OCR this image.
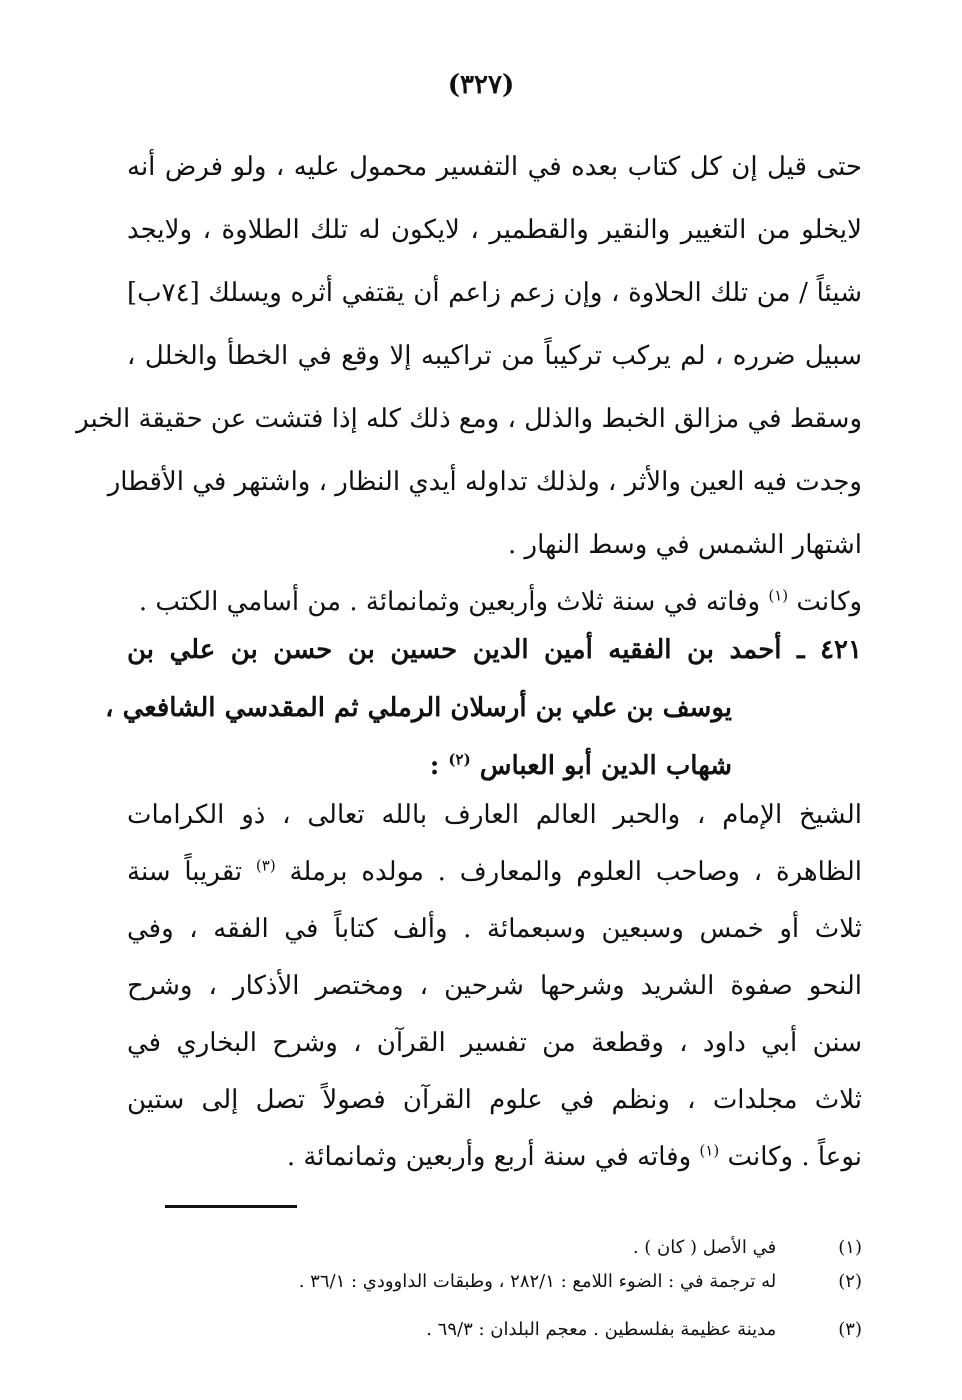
(٣٢٧)
حتى قيل إن كل كتاب بعده في التفسير محمول عليه ، ولو فرض أنه
لايخلو من التغيير والنقير والقطمير ، لايكون له تلك الطلاوة ، ولايجد
شيئاً / من تلك الحلاوة ، وإن زعم زاعم أن يقتفي أثره ويسلك [٧٤ب]
سبيل ضرره ، لم يركب تركيباً من تراكيبه إلا وقع في الخطأ والخلل ،
وسقط في مزالق الخبط والذلل ، ومع ذلك كله إذا فتشت عن حقيقة الخبر
وجدت فيه العين والأثر ، ولذلك تداوله أيدي النظار ، واشتهر في الأقطار
اشتهار الشمس في وسط النهار .
وكانت $^{(١)}$ وفاته في سنة ثلاث وأربعين وثمانمائة . من أسامي الكتب .
٤٢١ ـ أحمد بن الفقيه أمين الدين حسين بن حسن بن علي بن
يوسف بن علي بن أرسلان الرملي ثم المقدسي الشافعي ،
شهاب الدين أبو العباس $^{(٢)}$ :
الشيخ الإمام ، والحبر العالم العارف بالله تعالى ، ذو الكرامات
الظاهرة ، وصاحب العلوم والمعارف . مولده برملة $^{(٣)}$ تقريباً سنة
ثلاث أو خمس وسبعين وسبعمائة . وألف كتاباً في الفقه ، وفي
النحو صفوة الشريد وشرحها شرحين ، ومختصر الأذكار ، وشرح
سنن أبي داود ، وقطعة من تفسير القرآن ، وشرح البخاري في
ثلاث مجلدات ، ونظم في علوم القرآن فصولاً تصل إلى ستين
نوعاً . وكانت $^{(١)}$ وفاته في سنة أربع وأربعين وثمانمائة .
(١) في الأصل ( كان ) .
(٢) له ترجمة في : الضوء اللامع : ٢٨٢/١ ، وطبقات الداوودي : ٣٦/١ .
(٣) مدينة عظيمة بفلسطين . معجم البلدان : ٦٩/٣ .
